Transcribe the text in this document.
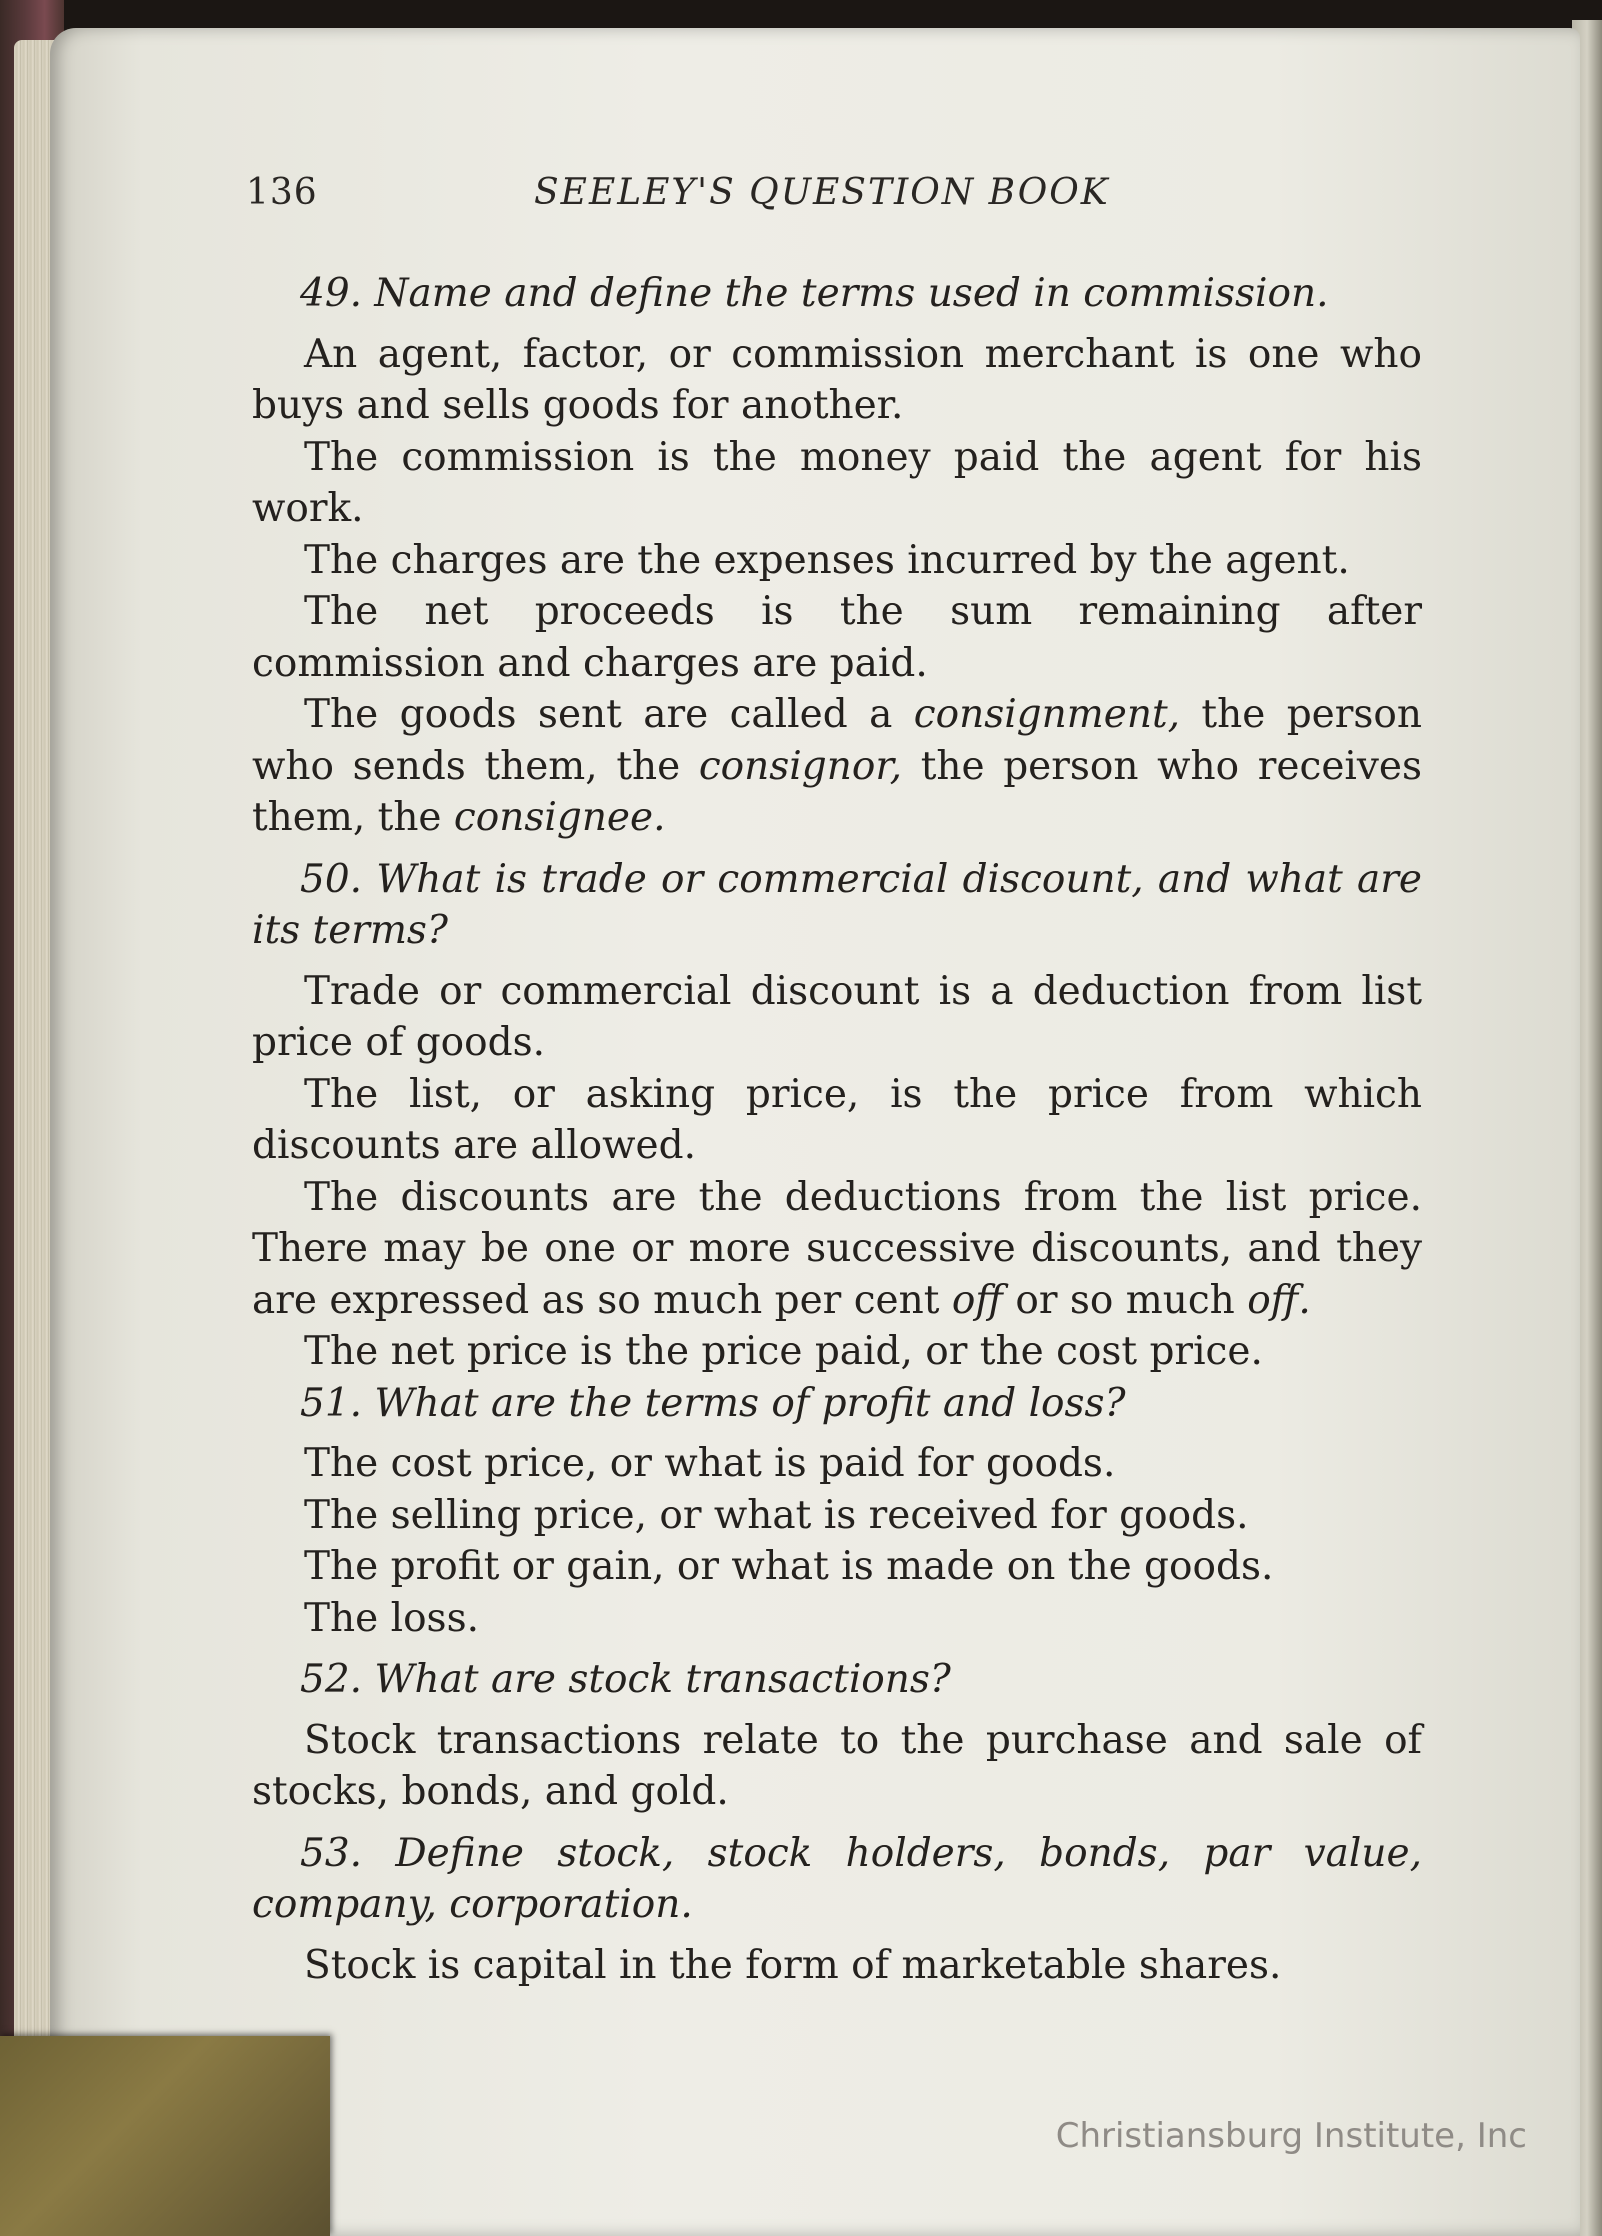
136	SEELEY'S QUESTION BOOK

49. Name and define the terms used in commission.

An agent, factor, or commission merchant is one who buys and sells goods for another.

The commission is the money paid the agent for his work.

The charges are the expenses incurred by the agent.

The net proceeds is the sum remaining after commission and charges are paid.

The goods sent are called a consignment, the person who sends them, the consignor, the person who receives them, the consignee.

50. What is trade or commercial discount, and what are its terms?

Trade or commercial discount is a deduction from list price of goods.

The list, or asking price, is the price from which discounts are allowed.

The discounts are the deductions from the list price. There may be one or more successive discounts, and they are expressed as so much per cent off or so much off.

The net price is the price paid, or the cost price.

51. What are the terms of profit and loss?

The cost price, or what is paid for goods.

The selling price, or what is received for goods.

The profit or gain, or what is made on the goods.

The loss.

52. What are stock transactions?

Stock transactions relate to the purchase and sale of stocks, bonds, and gold.

53. Define stock, stock holders, bonds, par value, company, corporation.

Stock is capital in the form of marketable shares.

Christiansburg Institute, Inc
